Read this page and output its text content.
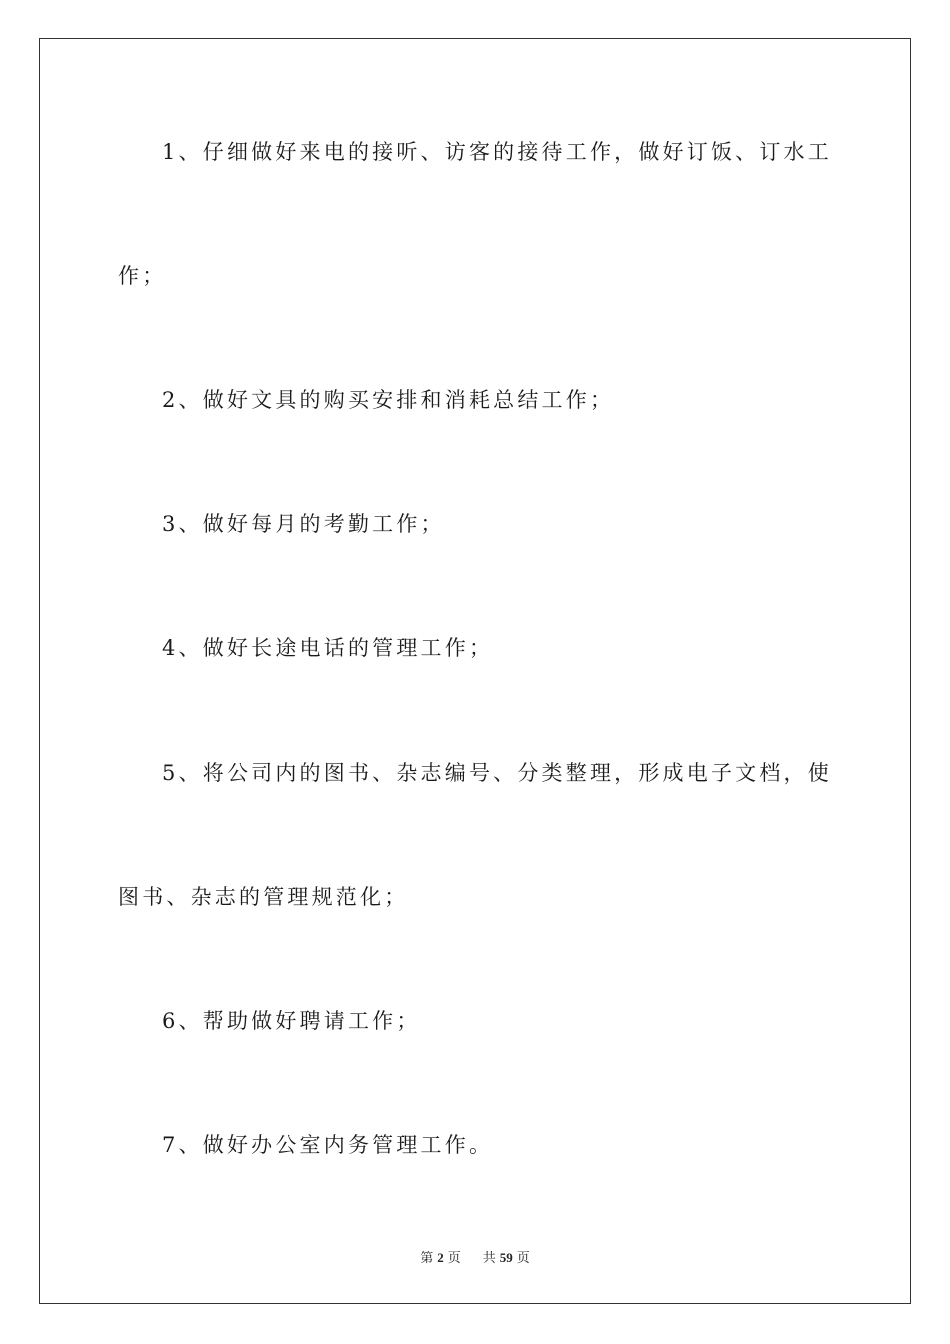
1、仔细做好来电的接听、访客的接待工作，做好订饭、订水工
作；
2、做好文具的购买安排和消耗总结工作；
3、做好每月的考勤工作；
4、做好长途电话的管理工作；
5、将公司内的图书、杂志编号、分类整理，形成电子文档，使
图书、杂志的管理规范化；
6、帮助做好聘请工作；
7、做好办公室内务管理工作。
第 2 页 共 59 页
